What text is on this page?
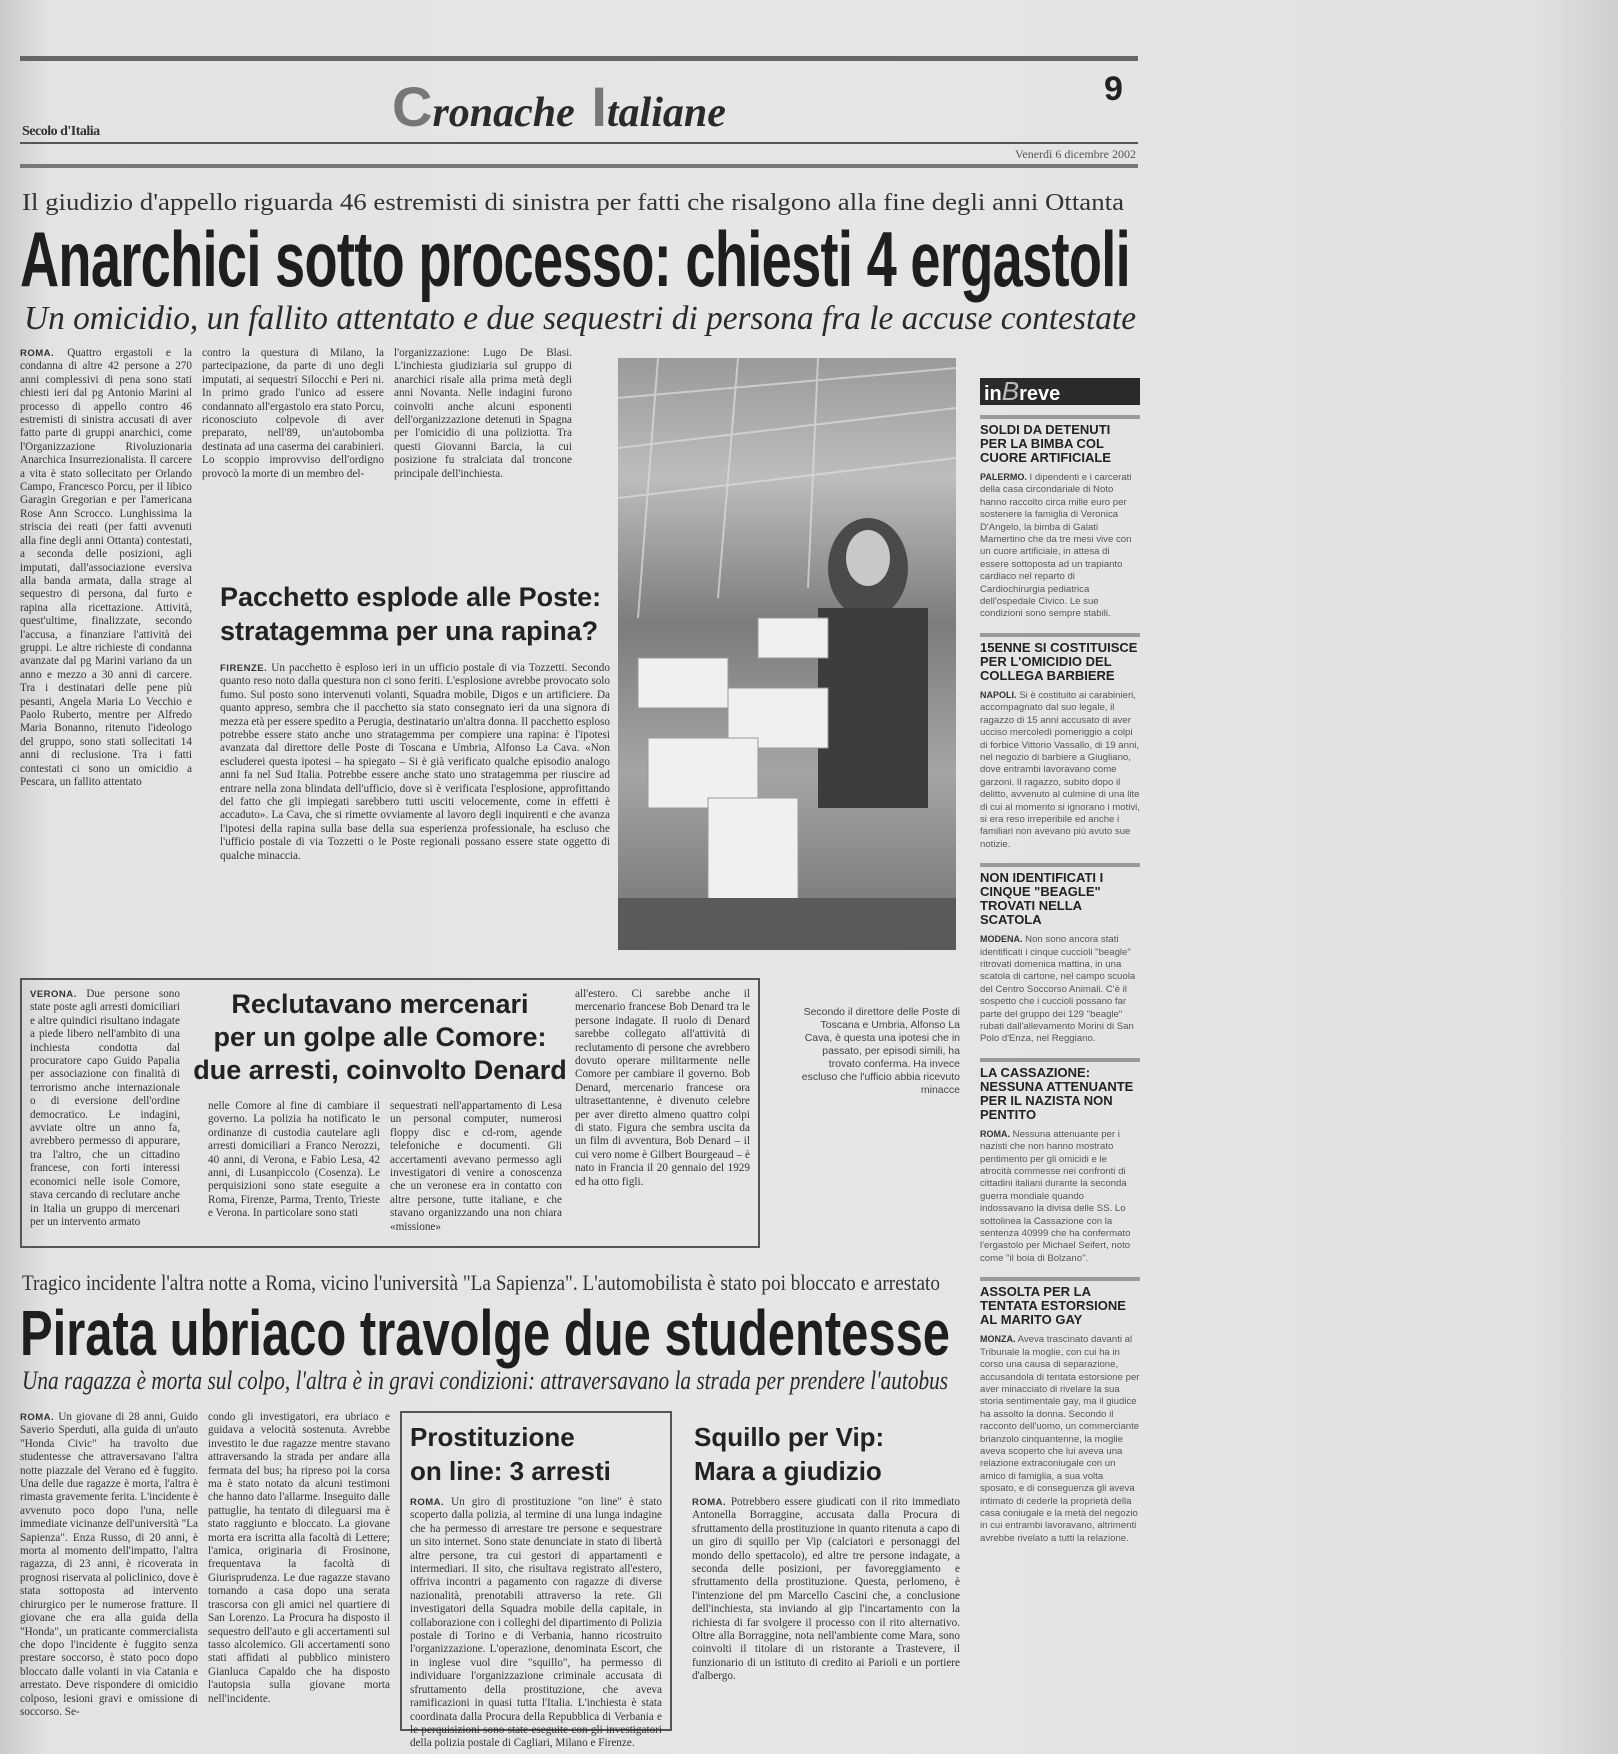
Cronache Italiane
9
Secolo d'Italia
Venerdì 6 dicembre 2002
Il giudizio d'appello riguarda 46 estremisti di sinistra per fatti che risalgono alla fine degli anni Ottanta
Anarchici sotto processo: chiesti 4 ergastoli
Un omicidio, un fallito attentato e due sequestri di persona fra le accuse contestate
ROMA. Quattro ergastoli e la condanna di altre 42 persone a 270 anni complessivi di pena sono stati chiesti ieri dal pg Antonio Marini al processo di appello contro 46 estremisti di sinistra accusati di aver fatto parte di gruppi anarchici, come l'Organizzazione Rivoluzionaria Anarchica Insurrezionalista. Il carcere a vita è stato sollecitato per Orlando Campo, Francesco Porcu, per il libico Garagin Gregorian e per l'americana Rose Ann Scrocco. Lunghissima la striscia dei reati (per fatti avvenuti alla fine degli anni Ottanta) contestati, a seconda delle posizioni, agli imputati, dall'associazione eversiva alla banda armata, dalla strage al sequestro di persona, dal furto e rapina alla ricettazione. Attività, quest'ultime, finalizzate, secondo l'accusa, a finanziare l'attività dei gruppi. Le altre richieste di condanna avanzate dal pg Marini variano da un anno e mezzo a 30 anni di carcere. Tra i destinatari delle pene più pesanti, Angela Maria Lo Vecchio e Paolo Ruberto, mentre per Alfredo Maria Bonanno, ritenuto l'ideologo del gruppo, sono stati sollecitati 14 anni di reclusione. Tra i fatti contestati ci sono un omicidio a Pescara, un fallito attentato
contro la questura di Milano, la partecipazione, da parte di uno degli imputati, ai sequestri Silocchi e Peri ni. In primo grado l'unico ad essere condannato all'ergastolo era stato Porcu, riconosciuto colpevole di aver preparato, nell'89, un'autobomba destinata ad una caserma dei carabinieri. Lo scoppio improvviso dell'ordigno provocò la morte di un membro del-
l'organizzazione: Lugo De Blasi. L'inchiesta giudiziaria sul gruppo di anarchici risale alla prima metà degli anni Novanta. Nelle indagini furono coinvolti anche alcuni esponenti dell'organizzazione detenuti in Spagna per l'omicidio di una poliziotta. Tra questi Giovanni Barcia, la cui posizione fu stralciata dal troncone principale dell'inchiesta.
Pacchetto esplode alle Poste:
stratagemma per una rapina?
FIRENZE. Un pacchetto è esploso ieri in un ufficio postale di via Tozzetti. Secondo quanto reso noto dalla questura non ci sono feriti. L'esplosione avrebbe provocato solo fumo. Sul posto sono intervenuti volanti, Squadra mobile, Digos e un artificiere. Da quanto appreso, sembra che il pacchetto sia stato consegnato ieri da una signora di mezza età per essere spedito a Perugia, destinatario un'altra donna. Il pacchetto esploso potrebbe essere stato anche uno stratagemma per compiere una rapina: è l'ipotesi avanzata dal direttore delle Poste di Toscana e Umbria, Alfonso La Cava. «Non escluderei questa ipotesi – ha spiegato – Si è già verificato qualche episodio analogo anni fa nel Sud Italia. Potrebbe essere anche stato uno stratagemma per riuscire ad entrare nella zona blindata dell'ufficio, dove si è verificata l'esplosione, approfittando del fatto che gli impiegati sarebbero tutti usciti velocemente, come in effetti è accaduto». La Cava, che si rimette ovviamente al lavoro degli inquirenti e che avanza l'ipotesi della rapina sulla base della sua esperienza professionale, ha escluso che l'ufficio postale di via Tozzetti o le Poste regionali possano essere state oggetto di qualche minaccia.
VERONA. Due persone sono state poste agli arresti domiciliari e altre quindici risultano indagate a piede libero nell'ambito di una inchiesta condotta dal procuratore capo Guido Papalia per associazione con finalità di terrorismo anche internazionale o di eversione dell'ordine democratico. Le indagini, avviate oltre un anno fa, avrebbero permesso di appurare, tra l'altro, che un cittadino francese, con forti interessi economici nelle isole Comore, stava cercando di reclutare anche in Italia un gruppo di mercenari per un intervento armato
Reclutavano mercenari
per un golpe alle Comore:
due arresti, coinvolto Denard
nelle Comore al fine di cambiare il governo. La polizia ha notificato le ordinanze di custodia cautelare agli arresti domiciliari a Franco Nerozzi, 40 anni, di Verona, e Fabio Lesa, 42 anni, di Lusanpiccolo (Cosenza). Le perquisizioni sono state eseguite a Roma, Firenze, Parma, Trento, Trieste e Verona. In particolare sono stati
sequestrati nell'appartamento di Lesa un personal computer, numerosi floppy disc e cd-rom, agende telefoniche e documenti. Gli accertamenti avevano permesso agli investigatori di venire a conoscenza che un veronese era in contatto con altre persone, tutte italiane, e che stavano organizzando una non chiara «missione»
all'estero. Ci sarebbe anche il mercenario francese Bob Denard tra le persone indagate. Il ruolo di Denard sarebbe collegato all'attività di reclutamento di persone che avrebbero dovuto operare militarmente nelle Comore per cambiare il governo. Bob Denard, mercenario francese ora ultrasettantenne, è divenuto celebre per aver diretto almeno quattro colpi di stato. Figura che sembra uscita da un film di avventura, Bob Denard – il cui vero nome è Gilbert Bourgeaud – è nato in Francia il 20 gennaio del 1929 ed ha otto figli.
Secondo il direttore delle Poste di Toscana e Umbria, Alfonso La Cava, è questa una ipotesi che in passato, per episodi simili, ha trovato conferma. Ha invece escluso che l'ufficio abbia ricevuto minacce
Tragico incidente l'altra notte a Roma, vicino l'università "La Sapienza". L'automobilista è stato poi bloccato e arrestato
Pirata ubriaco travolge due studentesse
Una ragazza è morta sul colpo, l'altra è in gravi condizioni: attraversavano la strada per prendere l'autobus
ROMA. Un giovane di 28 anni, Guido Saverio Sperduti, alla guida di un'auto "Honda Civic" ha travolto due studentesse che attraversavano l'altra notte piazzale del Verano ed è fuggito. Una delle due ragazze è morta, l'altra è rimasta gravemente ferita. L'incidente è avvenuto poco dopo l'una, nelle immediate vicinanze dell'università "La Sapienza". Enza Russo, di 20 anni, è morta al momento dell'impatto, l'altra ragazza, di 23 anni, è ricoverata in prognosi riservata al policlinico, dove è stata sottoposta ad intervento chirurgico per le numerose fratture. Il giovane che era alla guida della "Honda", un praticante commercialista che dopo l'incidente è fuggito senza prestare soccorso, è stato poco dopo bloccato dalle volanti in via Catania e arrestato. Deve rispondere di omicidio colposo, lesioni gravi e omissione di soccorso. Se-
condo gli investigatori, era ubriaco e guidava a velocità sostenuta. Avrebbe investito le due ragazze mentre stavano attraversando la strada per andare alla fermata del bus; ha ripreso poi la corsa ma è stato notato da alcuni testimoni che hanno dato l'allarme. Inseguito dalle pattuglie, ha tentato di dileguarsi ma è stato raggiunto e bloccato. La giovane morta era iscritta alla facoltà di Lettere; l'amica, originaria di Frosinone, frequentava la facoltà di Giurisprudenza. Le due ragazze stavano tornando a casa dopo una serata trascorsa con gli amici nel quartiere di San Lorenzo. La Procura ha disposto il sequestro dell'auto e gli accertamenti sul tasso alcolemico. Gli accertamenti sono stati affidati al pubblico ministero Gianluca Capaldo che ha disposto l'autopsia sulla giovane morta nell'incidente.
Prostituzione
on line: 3 arresti
ROMA. Un giro di prostituzione "on line" è stato scoperto dalla polizia, al termine di una lunga indagine che ha permesso di arrestare tre persone e sequestrare un sito internet. Sono state denunciate in stato di libertà altre persone, tra cui gestori di appartamenti e intermediari. Il sito, che risultava registrato all'estero, offriva incontri a pagamento con ragazze di diverse nazionalità, prenotabili attraverso la rete. Gli investigatori della Squadra mobile della capitale, in collaborazione con i colleghi del dipartimento di Polizia postale di Torino e di Verbania, hanno ricostruito l'organizzazione. L'operazione, denominata Escort, che in inglese vuol dire "squillo", ha permesso di individuare l'organizzazione criminale accusata di sfruttamento della prostituzione, che aveva ramificazioni in quasi tutta l'Italia. L'inchiesta è stata coordinata dalla Procura della Repubblica di Verbania e le perquisizioni sono state eseguite con gli investigatori della polizia postale di Cagliari, Milano e Firenze.
Squillo per Vip:
Mara a giudizio
ROMA. Potrebbero essere giudicati con il rito immediato Antonella Borraggine, accusata dalla Procura di sfruttamento della prostituzione in quanto ritenuta a capo di un giro di squillo per Vip (calciatori e personaggi del mondo dello spettacolo), ed altre tre persone indagate, a seconda delle posizioni, per favoreggiamento e sfruttamento della prostituzione. Questa, perlomeno, è l'intenzione del pm Marcello Cascini che, a conclusione dell'inchiesta, sta inviando al gip l'incartamento con la richiesta di far svolgere il processo con il rito alternativo. Oltre alla Borraggine, nota nell'ambiente come Mara, sono coinvolti il titolare di un ristorante a Trastevere, il funzionario di un istituto di credito ai Parioli e un portiere d'albergo.
inBreve
SOLDI DA DETENUTI PER LA BIMBA COL CUORE ARTIFICIALE
PALERMO. I dipendenti e i carcerati della casa circondariale di Noto hanno raccolto circa mille euro per sostenere la famiglia di Veronica D'Angelo, la bimba di Galati Mamertino che da tre mesi vive con un cuore artificiale, in attesa di essere sottoposta ad un trapianto cardiaco nel reparto di Cardiochirurgia pediatrica dell'ospedale Civico. Le sue condizioni sono sempre stabili.
15ENNE SI COSTITUISCE PER L'OMICIDIO DEL COLLEGA BARBIERE
NAPOLI. Si è costituito ai carabinieri, accompagnato dal suo legale, il ragazzo di 15 anni accusato di aver ucciso mercoledì pomeriggio a colpi di forbice Vittorio Vassallo, di 19 anni, nel negozio di barbiere a Giugliano, dove entrambi lavoravano come garzoni. Il ragazzo, subito dopo il delitto, avvenuto al culmine di una lite di cui al momento si ignorano i motivi, si era reso irreperibile ed anche i familiari non avevano più avuto sue notizie.
NON IDENTIFICATI I CINQUE "BEAGLE" TROVATI NELLA SCATOLA
MODENA. Non sono ancora stati identificati i cinque cuccioli "beagle" ritrovati domenica mattina, in una scatola di cartone, nel campo scuola del Centro Soccorso Animali. C'è il sospetto che i cuccioli possano far parte del gruppo dei 129 "beagle" rubati dall'allevamento Morini di San Polo d'Enza, nel Reggiano.
LA CASSAZIONE: NESSUNA ATTENUANTE PER IL NAZISTA NON PENTITO
ROMA. Nessuna attenuante per i nazisti che non hanno mostrato pentimento per gli omicidi e le atrocità commesse nei confronti di cittadini italiani durante la seconda guerra mondiale quando indossavano la divisa delle SS. Lo sottolinea la Cassazione con la sentenza 40999 che ha confermato l'ergastolo per Michael Seifert, noto come "il boia di Bolzano".
ASSOLTA PER LA TENTATA ESTORSIONE AL MARITO GAY
MONZA. Aveva trascinato davanti al Tribunale la moglie, con cui ha in corso una causa di separazione, accusandola di tentata estorsione per aver minacciato di rivelare la sua storia sentimentale gay, ma il giudice ha assolto la donna. Secondo il racconto dell'uomo, un commerciante brianzolo cinquantenne, la moglie aveva scoperto che lui aveva una relazione extraconiugale con un amico di famiglia, a sua volta sposato, e di conseguenza gli aveva intimato di cederle la proprietà della casa coniugale e la metà del negozio in cui entrambi lavoravano, altrimenti avrebbe rivelato a tutti la relazione.
